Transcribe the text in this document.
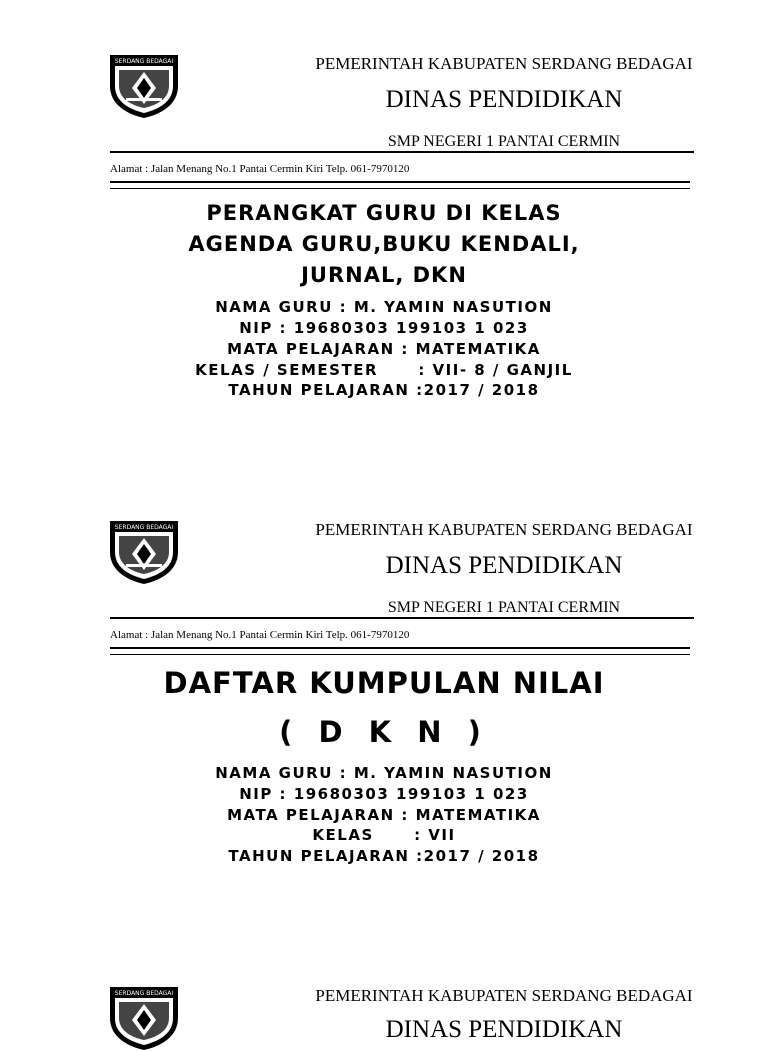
SERDANG BEDAGAI	PEMERINTAH KABUPATEN SERDANG BEDAGAI
DINAS PENDIDIKAN
SMP NEGERI 1 PANTAI CERMIN
Alamat : Jalan Menang No.1 Pantai Cermin Kiri Telp. 061-7970120
PERANGKAT GURU DI KELAS
AGENDA GURU,BUKU KENDALI,
JURNAL, DKN
NAMA GURU : M. YAMIN NASUTION
NIP : 19680303 199103 1 023
MATA PELAJARAN : MATEMATIKA
KELAS / SEMESTER      : VII- 8 / GANJIL
TAHUN PELAJARAN :2017 / 2018
SERDANG BEDAGAI	PEMERINTAH KABUPATEN SERDANG BEDAGAI
DINAS PENDIDIKAN
SMP NEGERI 1 PANTAI CERMIN
Alamat : Jalan Menang No.1 Pantai Cermin Kiri Telp. 061-7970120
DAFTAR KUMPULAN NILAI
( D K N )
NAMA GURU : M. YAMIN NASUTION
NIP : 19680303 199103 1 023
MATA PELAJARAN : MATEMATIKA
KELAS      : VII
TAHUN PELAJARAN :2017 / 2018
SERDANG BEDAGAI	PEMERINTAH KABUPATEN SERDANG BEDAGAI
DINAS PENDIDIKAN
